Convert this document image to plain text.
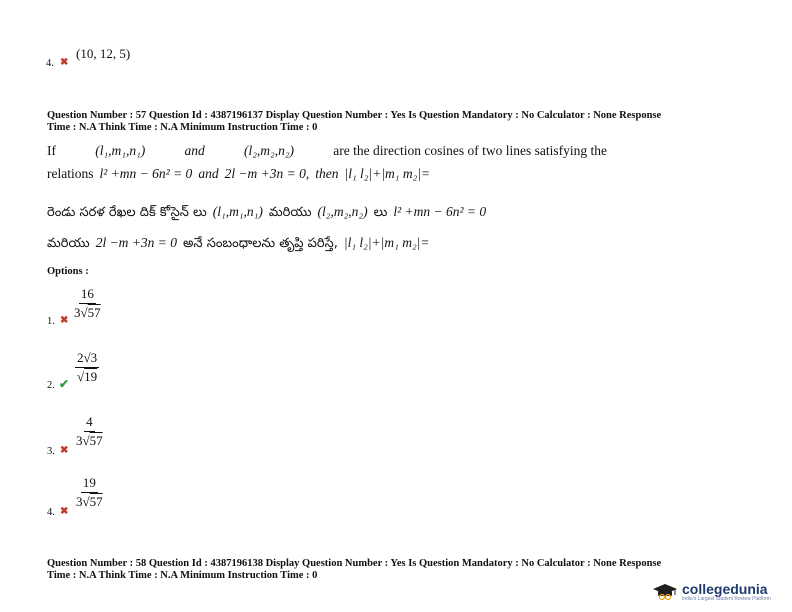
4. ✖
(10, 12, 5)
Question Number : 57 Question Id : 4387196137 Display Question Number : Yes Is Question Mandatory : No Calculator : None Response
Time : N.A Think Time : N.A Minimum Instruction Time : 0
If	(l₁,m₁,n₁)	and	(l₂,m₂,n₂)	are the direction cosines of two lines satisfying the
relations l² +mn − 6n² = 0 and 2l −m +3n = 0, then |l₁ l₂|+|m₁ m₂|=
రెండు సరళ రేఖల దిక్ కోసైన్ లు (l₁,m₁,n₁) మరియు (l₂,m₂,n₂) లు l² +mn − 6n² = 0
మరియు 2l −m +3n = 0 అనే సంబంధాలను తృప్తి పరిస్తే, |l₁ l₂|+|m₁ m₂|=
Options :
1. ✖ $\frac{16}{3√57}$
2. ✔ $\frac{2√3}{√19}$
3. ✖
$\frac{4}{3√57}$
4. ✖
$\frac{19}{3√57}$
Question Number : 58 Question Id : 4387196138 Display Question Number : Yes Is Question Mandatory : No Calculator : None Response
Time : N.A Think Time : N.A Minimum Instruction Time : 0
collegedunia
India's Largest Student Review Platform
